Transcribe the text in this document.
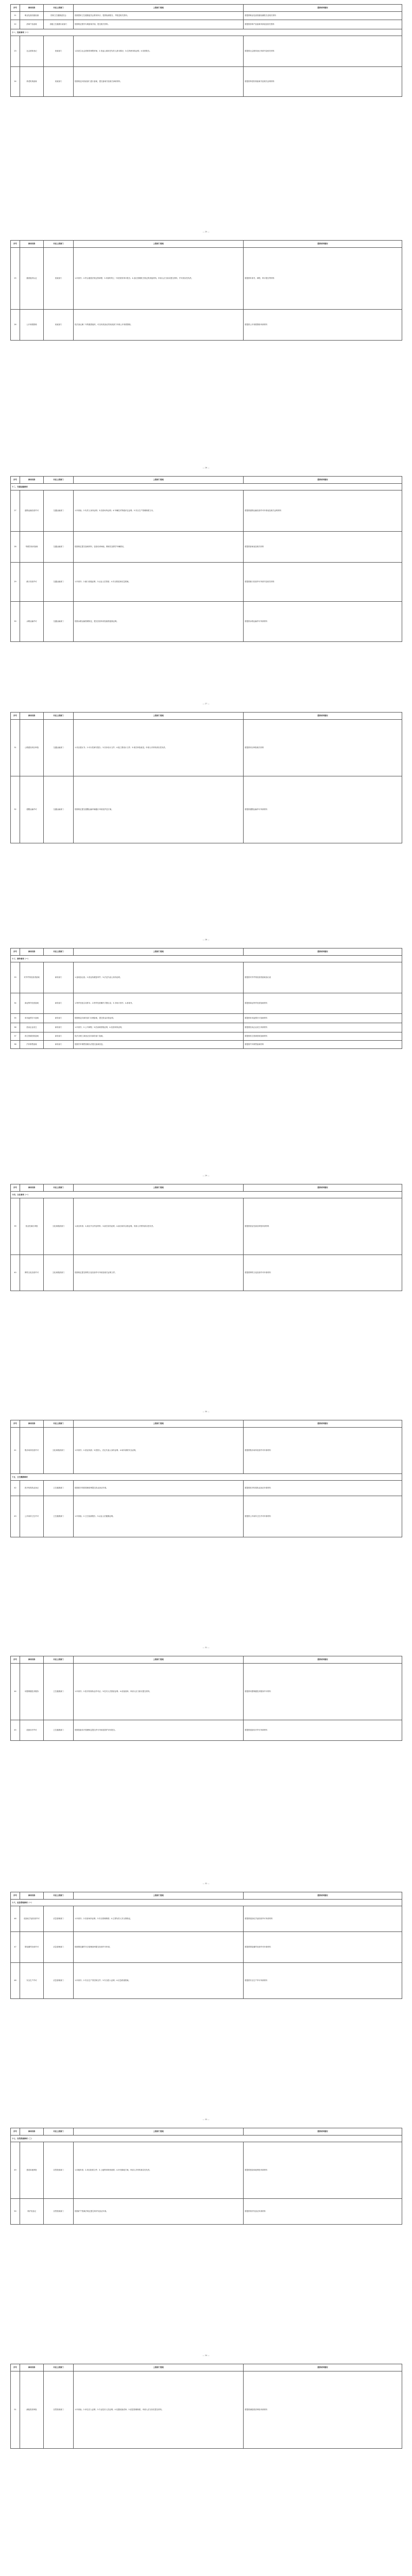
序号	事项名称	对应上级部门	上级部门受理	提供材料情况
21	职业危害因素检测	国家卫生健康委员会	按照国家卫生健康委员会要求执行，提供检测报告，并报送相关资料。	需提供职业危害因素检测报告及相关材料
22	消毒产品备案	省级卫生健康行政部门	按照规定程序办理备案手续，提交相关材料。	需提供消毒产品备案申请表及相关资料
十一、民政事项（一）				
23	社会团体登记	民政部门	1.拟设立社会团体的章程草案；2.发起人和拟任负责人基本情况；3.住所使用权证明；4.验资报告。	需提供社会团体登记申请书及相关材料
24	养老机构备案	民政部门	按照规定向民政部门进行备案，提交备案书及相关承诺材料。	需提供养老机构备案书及相关证明材料
— 25 —
序号	事项名称	对应上级部门	上级部门受理	提供材料情况
25	慈善组织认定	民政部门	1.申请书；2.符合慈善法规定的章程；3.申请时的上一年度财务审计报告；4.登记管理机关规定的其他材料。申请人应当如实提交材料，并对真实性负责。	需提供申请书、章程、审计报告等材料
26	公开募捐资格	民政部门	依法登记满二年的慈善组织，可以向其登记的民政部门申请公开募捐资格。	需提供公开募捐资格申请材料
— 26 —
序号	事项名称	对应上级部门	上级部门受理	提供材料情况
十二、交通运输事项				
27	道路运输经营许可	交通运输部门	1.申请表；2.负责人身份证明；3.经营场所证明；4.车辆技术等级评定证明；5.安全生产管理制度文本。	需提供道路运输经营许可申请表及相关证明材料
28	驾驶员培训备案	交通运输部门	按照规定提交备案材料，包括培训场地、教练员及教学车辆情况。	需提供备案表及相关材料
29	港口经营许可	交通运输部门	1.申请书；2.港口设施证明；3.从业人员资质；4.安全防范和应急预案。	需提供港口经营许可申请书及相关材料
30	水路运输许可	交通运输部门	按照水路运输管理规定，提交经营申请及船舶适航证明。	需提供水路运输许可申请材料
— 27 —
序号	事项名称	对应上级部门	上级部门受理	提供材料情况
31	公路建设项目审批	交通运输部门	1.项目建议书；2.可行性研究报告；3.初步设计文件；4.施工图设计文件；5.相关审批意见。申请人对材料真实性负责。	需提供项目审批相关材料
32	超限运输许可	交通运输部门	按照规定提交超限运输车辆通行申请及护送方案。	需提供超限运输许可申请材料
— 28 —
序号	事项名称	对应上级部门	上级部门受理	提供材料情况
十三、商务事项（一）				
33	对外贸易经营者备案	商务部门	1.备案登记表；2.营业执照复印件；3.法定代表人身份证明。	需提供对外贸易经营者备案登记表
34	商业特许经营备案	商务部门	1.特许经营合同样本；2.特许经营操作手册目录；3.市场计划书；4.承诺书。	需提供商业特许经营备案材料
35	单用途预付卡备案	商务部门	按照规定向商务部门办理备案，提交资金存管证明。	需提供单用途预付卡备案材料
36	拍卖企业设立	商务部门	1.申请书；2.公司章程；3.拍卖师资格证明；4.经营场所证明。	需提供拍卖企业设立申请材料
37	再生资源回收备案	商务部门	依法办理工商登记后向商务部门备案。	需提供再生资源回收备案材料
38	汽车销售备案	商务部门	按照汽车销售管理办法提交备案信息。	需提供汽车销售备案材料
— 29 —
序号	事项名称	对应上级部门	上级部门受理	提供材料情况
十四、文化事项（一）				
39	营业性演出审批	文化和旅游部门	1.演出申请；2.演出节目内容材料；3.演员身份证明；4.演出场所合格证明。申请人对材料真实性负责。	需提供营业性演出审批申请材料
40	网络文化经营许可	文化和旅游部门	按照规定提交网络文化经营许可申请及相关证明文件。	需提供网络文化经营许可申请材料
— 30 —
序号	事项名称	对应上级部门	上级部门受理	提供材料情况
41	娱乐场所经营许可	文化和旅游部门	1.申请书；2.营业执照；3.投资人、法定代表人身份证明；4.场所消防安全证明。	需提供娱乐场所经营许可申请材料
十五、卫生健康事项				
42	医疗机构执业登记	卫生健康部门	按照医疗机构管理条例提交执业登记申请。	需提供医疗机构执业登记申请材料
43	公共场所卫生许可	卫生健康部门	1.申请表；2.卫生检测报告；3.从业人员健康证明。	需提供公共场所卫生许可申请材料
— 31 —
序号	事项名称	对应上级部门	上级部门受理	提供材料情况
44	母婴保健技术服务	卫生健康部门	1.申请书；2.医疗机构执业许可证；3.技术人员资质证明；4.设备清单。申请人应当如实提交材料。	需提供母婴保健技术服务许可材料
45	放射诊疗许可	卫生健康部门	按照放射诊疗管理规定提交许可申请及防护评价报告。	需提供放射诊疗许可申请材料
— 32 —
序号	事项名称	对应上级部门	上级部门受理	提供材料情况
十六、应急管理事项（一）				
46	危险化学品经营许可	应急管理部门	1.申请书；2.经营场所证明；3.安全管理制度；4.主要负责人安全资格证。	需提供危险化学品经营许可申请材料
47	烟花爆竹经营许可	应急管理部门	按照烟花爆竹安全管理条例提交经营许可申请。	需提供烟花爆竹经营许可申请材料
48	安全生产许可	应急管理部门	1.申请书；2.安全生产责任制文件；3.安全投入证明；4.应急救援预案。	需提供安全生产许可申请材料
— 33 —
序号	事项名称	对应上级部门	上级部门受理	提供材料情况
十七、自然资源事项（二）				
49	建设用地审批	自然资源部门	1.用地申请；2.项目批准文件；3.土地利用规划说明；4.补充耕地方案。申请人对材料真实性负责。	需提供建设用地审批申请材料
50	采矿权登记	自然资源部门	按照矿产资源法规定提交采矿权登记申请。	需提供采矿权登记申请材料
— 34 —
序号	事项名称	对应上级部门	上级部门受理	提供材料情况
51	测绘资质审批	自然资源部门	1.申请表；2.单位法人证明；3.专业技术人员证明；4.仪器设备清单；5.质量管理制度。申请人应当如实提交材料。	需提供测绘资质审批申请材料
